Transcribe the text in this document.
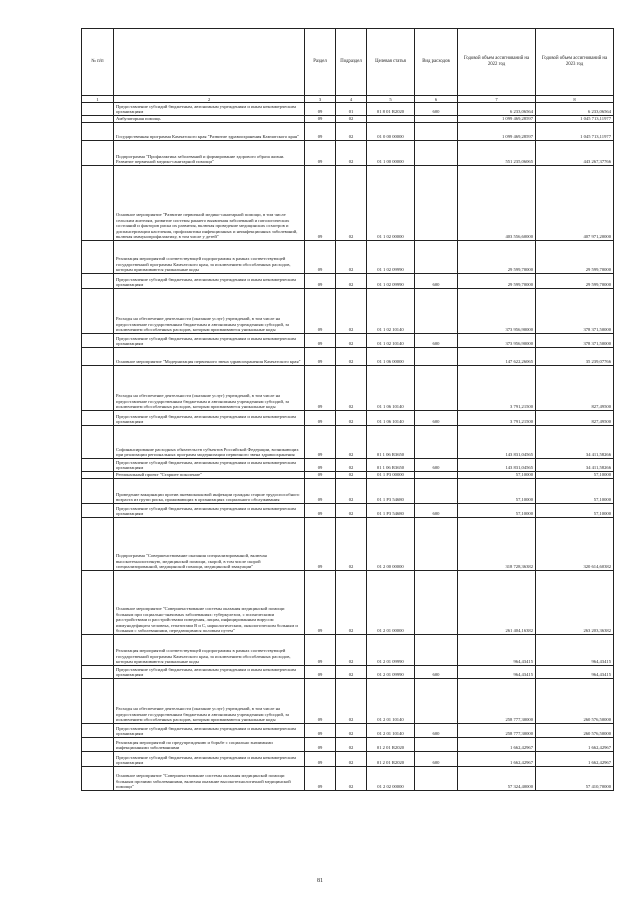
№ п/п		Раздел	Подраздел	Целевая статья	Вид расходов	Годовой объем ассигнований на 2022 год	Годовой объем ассигнований на 2023 год
1	2	3	4	5	6	7	8
	Предоставление субсидий бюджетным, автономным учреждениям и иным некоммерческим организациям	09	01	01 8 01 R2020	600	6 233,06564	6 233,06564
	Амбулаторная помощь	09	02			1 099 469,28597	1 045 713,11977
	Государственная программа Камчатского края "Развитие здравоохранения Камчатского края"	09	02	01 0 00 00000		1 099 469,28597	1 045 713,11977
	Подпрограмма "Профилактика заболеваний и формирование здорового образа жизни. Развитие первичной медико-санитарной помощи"	09	02	01 1 00 00000		551 235,06065	443 267,37766
	Основное мероприятие "Развитие первичной медико-санитарной помощи, в том числе сельским жителям, развитие системы раннего выявления заболеваний и патологических состояний и факторов риска их развития, включая проведение медицинских осмотров и диспансеризации населения, профилактика инфекционных и неинфекционных заболеваний, включая иммунопрофилактику, в том числе у детей"	09	02	01 1 02 00000		403 556,60000	407 971,20000
	Реализация мероприятий соответствующей подпрограммы в рамках соответствующей государственной программы Камчатского края, за исключением обособленных расходов, которым присваиваются уникальные коды	09	02	01 1 02 09990		29 599,70000	29 599,70000
	Предоставление субсидий бюджетным, автономным учреждениям и иным некоммерческим организациям	09	02	01 1 02 09990	600	29 599,70000	29 599,70000
	Расходы на обеспечение деятельности (оказание услуг) учреждений, в том числе на предоставление государственным бюджетным и автономным учреждениям субсидий, за исключением обособленных расходов, которым присваиваются уникальные коды	09	02	01 1 02 10140		373 956,90000	378 371,50000
	Предоставление субсидий бюджетным, автономным учреждениям и иным некоммерческим организациям	09	02	01 1 02 10140	600	373 956,90000	378 371,50000
	Основное мероприятие "Модернизация первичного звена здравоохранения Камчатского края"	09	02	01 1 06 00000		147 622,26065	35 239,07766
	Расходы на обеспечение деятельности (оказание услуг) учреждений, в том числе на предоставление государственным бюджетным и автономным учреждениям субсидий, за исключением обособленных расходов, которым присваиваются уникальные коды	09	02	01 1 06 10140		3 791,21500	827,49500
	Предоставление субсидий бюджетным, автономным учреждениям и иным некоммерческим организациям	09	02	01 1 06 10140	600	3 791,21500	827,49500
	Софинансирование расходных обязательств субъектов Российской Федерации, возникающих при реализации региональных программ модернизации первичного звена здравоохранения	09	02	01 1 06 R3650		143 831,04565	34 411,58266
	Предоставление субсидий бюджетным, автономным учреждениям и иным некоммерческим организациям	09	02	01 1 06 R3650	600	143 831,04565	34 411,58266
	Региональный проект "Старшее поколение"	09	02	01 1 P3 00000		57,10000	57,10000
	Проведение вакцинации против пневмококковой инфекции граждан старше трудоспособного возраста из групп риска, проживающих в организациях социального обслуживания	09	02	01 1 P3 54680		57,10000	57,10000
	Предоставление субсидий бюджетным, автономным учреждениям и иным некоммерческим организациям	09	02	01 1 P3 54680	600	57,10000	57,10000
	Подпрограмма "Совершенствование оказания специализированной, включая высокотехнологичную, медицинской помощи, скорой, в том числе скорой специализированной, медицинской помощи, медицинской эвакуации"	09	02	01 2 00 00000		318 728,36382	320 614,60382
	Основное мероприятие "Совершенствование системы оказания медицинской помощи больным при социально-значимых заболеваниях: туберкулезом, с психическими расстройствами и расстройствами поведения, лицам, инфицированным вирусом иммунодефицита человека, гепатитами В и С, наркологическим, онкологическим больным и больным с заболеваниями, передающимися половым путем"	09	02	01 2 01 00000		261 404,16382	263 203,36382
	Реализация мероприятий соответствующей подпрограммы в рамках соответствующей государственной программы Камчатского края, за исключением обособленных расходов, которым присваиваются уникальные коды	09	02	01 2 01 09990		964,43415	964,43415
	Предоставление субсидий бюджетным, автономным учреждениям и иным некоммерческим организациям	09	02	01 2 01 09990	600	964,43415	964,43415
	Расходы на обеспечение деятельности (оказание услуг) учреждений, в том числе на предоставление государственным бюджетным и автономным учреждениям субсидий, за исключением обособленных расходов, которым присваиваются уникальные коды	09	02	01 2 01 10140		258 777,30000	260 576,50000
	Предоставление субсидий бюджетным, автономным учреждениям и иным некоммерческим организациям	09	02	01 2 01 10140	600	258 777,30000	260 576,50000
	Реализация мероприятий по предупреждению и борьбе с социально значимыми инфекционными заболеваниями	09	02	01 2 01 R2020		1 662,42967	1 662,42967
	Предоставление субсидий бюджетным, автономным учреждениям и иным некоммерческим организациям	09	02	01 2 01 R2020	600	1 662,42967	1 662,42967
	Основное мероприятие "Совершенствование системы оказания медицинской помощи больным прочими заболеваниями, включая оказание высокотехнологичной медицинской помощи"	09	02	01 2 02 00000		57 324,40000	57 410,70000
81
